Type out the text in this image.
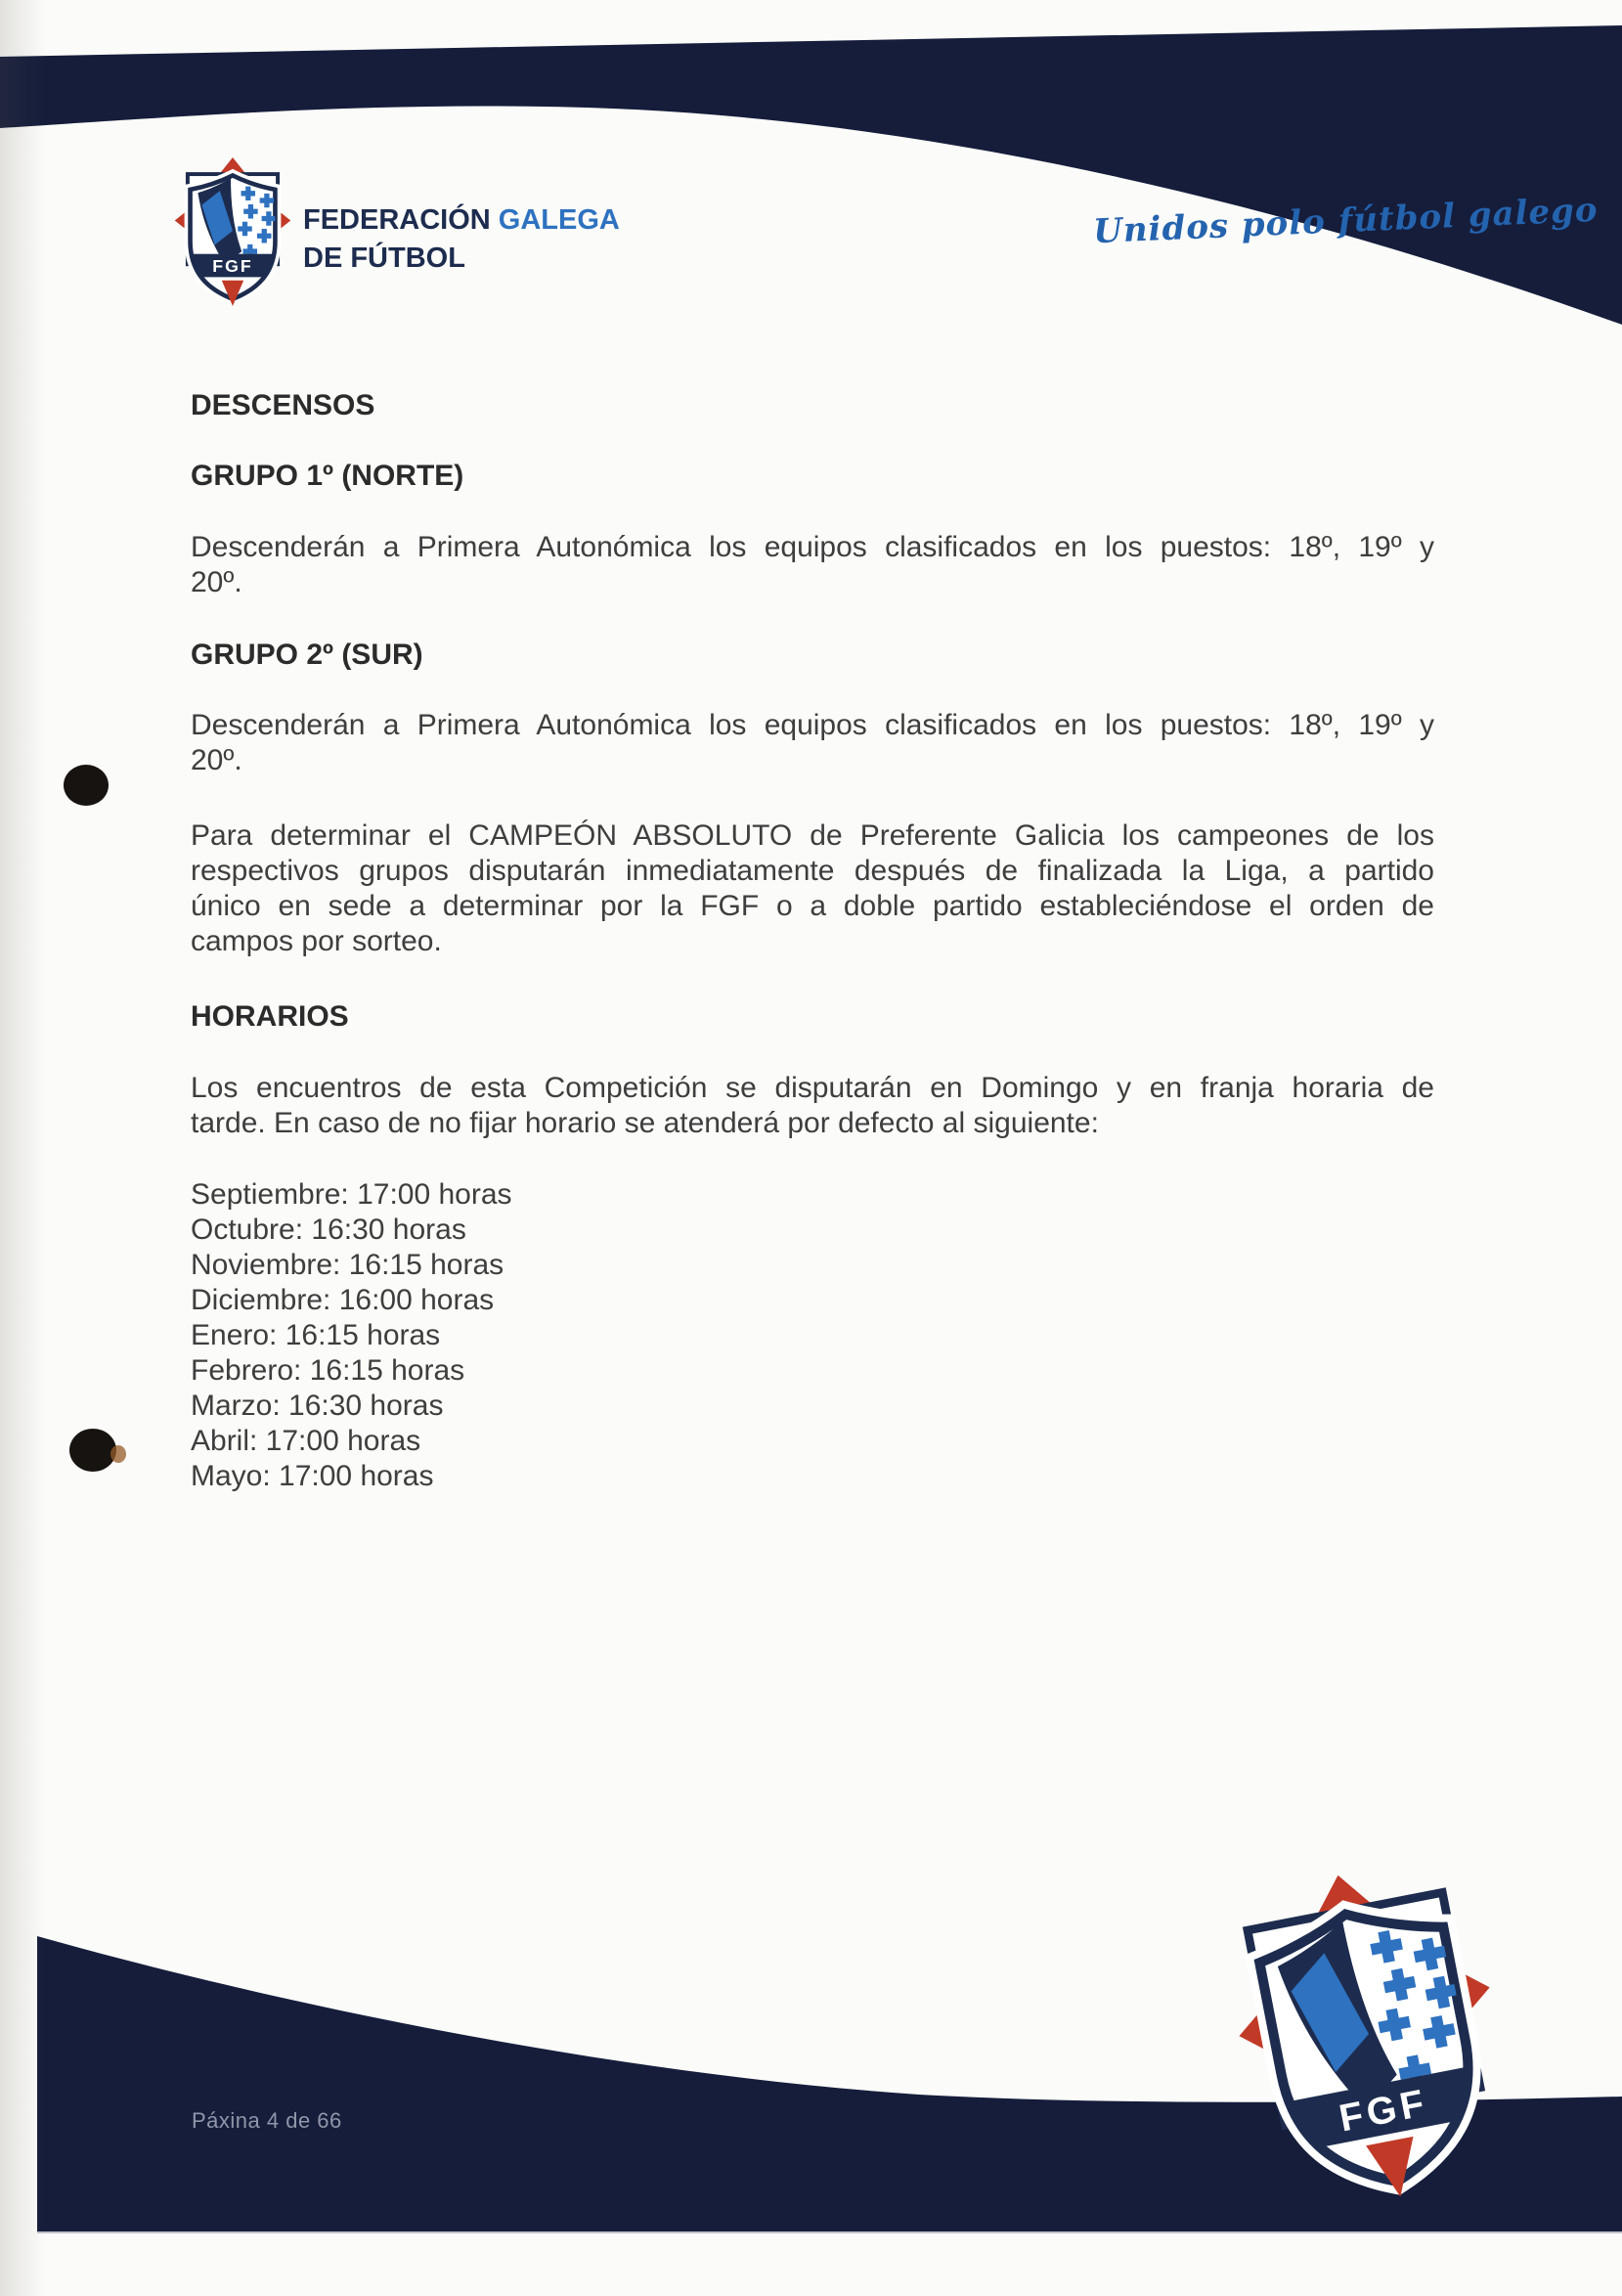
FEDERACIÓN GALEGA
DE FÚTBOL
Unidos polo fútbol galego
DESCENSOS
GRUPO 1º (NORTE)
Descenderán a Primera Autonómica los equipos clasificados en los puestos: 18º, 19º y
20º.
GRUPO 2º (SUR)
Descenderán a Primera Autonómica los equipos clasificados en los puestos: 18º, 19º y
20º.
Para determinar el CAMPEÓN ABSOLUTO de Preferente Galicia los campeones de los
respectivos grupos disputarán inmediatamente después de finalizada la Liga, a partido
único en sede a determinar por la FGF o a doble partido estableciéndose el orden de
campos por sorteo.
HORARIOS
Los encuentros de esta Competición se disputarán en Domingo y en franja horaria de
tarde. En caso de no fijar horario se atenderá por defecto al siguiente:
Septiembre: 17:00 horas
Octubre: 16:30 horas
Noviembre: 16:15 horas
Diciembre: 16:00 horas
Enero: 16:15 horas
Febrero: 16:15 horas
Marzo: 16:30 horas
Abril: 17:00 horas
Mayo: 17:00 horas
Páxina 4 de 66
